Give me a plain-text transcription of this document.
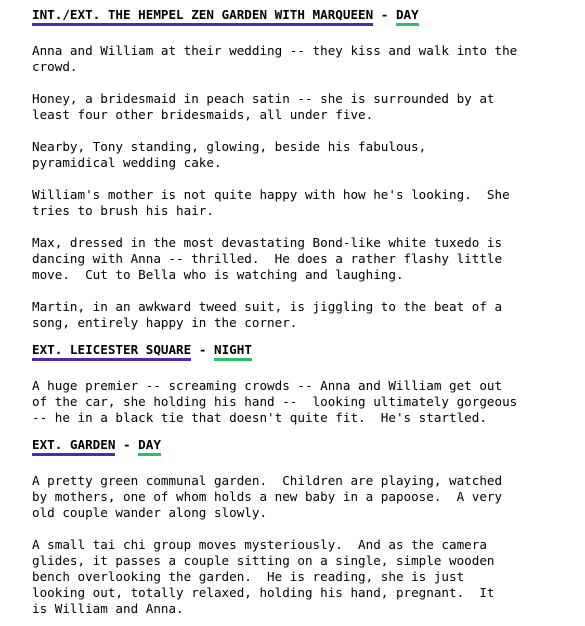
INT./EXT. THE HEMPEL ZEN GARDEN WITH MARQUEEN - DAY
Anna and William at their wedding -- they kiss and walk into the
crowd.
Honey, a bridesmaid in peach satin -- she is surrounded by at
least four other bridesmaids, all under five.
Nearby, Tony standing, glowing, beside his fabulous,
pyramidical wedding cake.
William's mother is not quite happy with how he's looking.  She
tries to brush his hair.
Max, dressed in the most devastating Bond-like white tuxedo is
dancing with Anna -- thrilled.  He does a rather flashy little
move.  Cut to Bella who is watching and laughing.
Martin, in an awkward tweed suit, is jiggling to the beat of a
song, entirely happy in the corner.
EXT. LEICESTER SQUARE - NIGHT
A huge premier -- screaming crowds -- Anna and William get out
of the car, she holding his hand --  looking ultimately gorgeous
-- he in a black tie that doesn't quite fit.  He's startled.
EXT. GARDEN - DAY
A pretty green communal garden.  Children are playing, watched
by mothers, one of whom holds a new baby in a papoose.  A very
old couple wander along slowly.
A small tai chi group moves mysteriously.  And as the camera
glides, it passes a couple sitting on a single, simple wooden
bench overlooking the garden.  He is reading, she is just
looking out, totally relaxed, holding his hand, pregnant.  It
is William and Anna.
